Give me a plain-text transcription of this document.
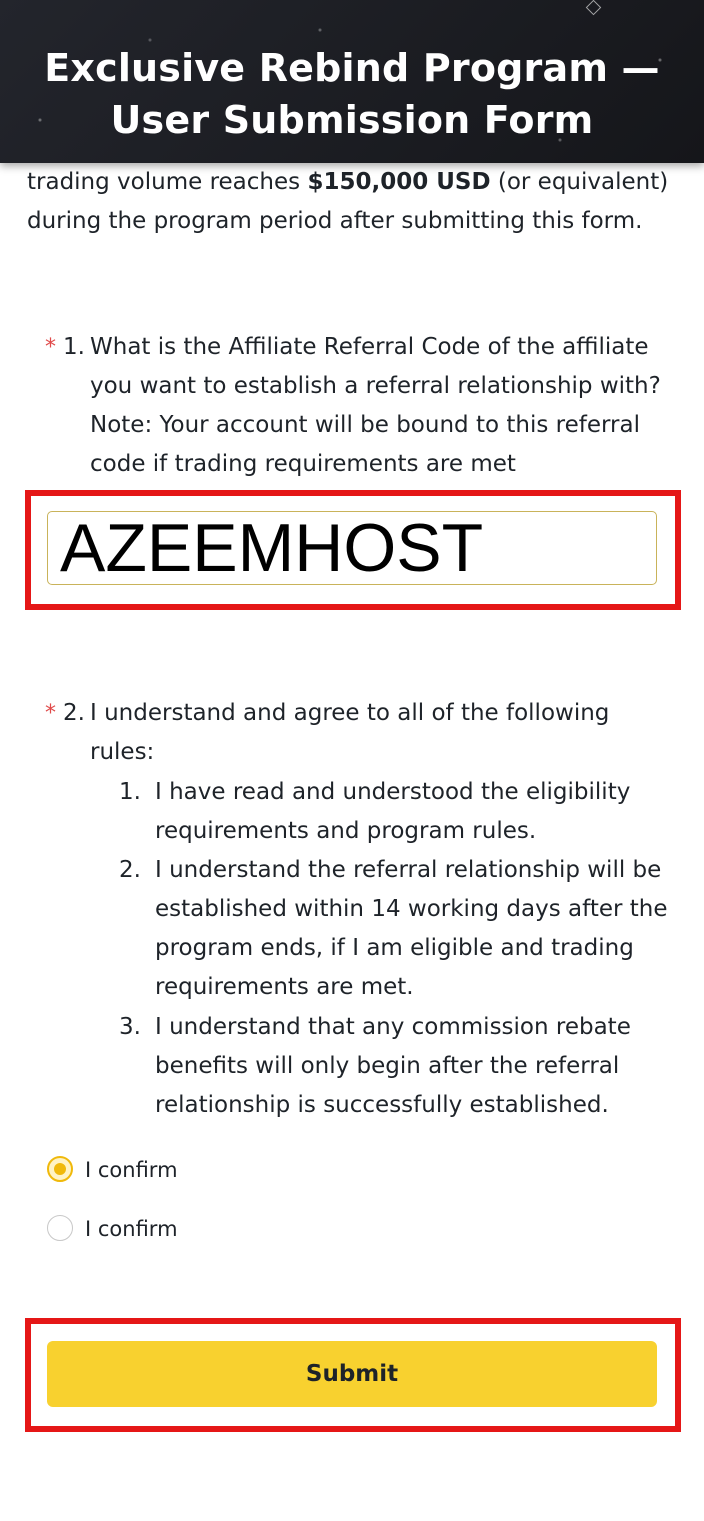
Exclusive Rebind Program —
User Submission Form
trading volume reaches $150,000 USD (or equivalent) during the program period after submitting this form.
* 1. What is the Affiliate Referral Code of the affiliate you want to establish a referral relationship with? Note: Your account will be bound to this referral code if trading requirements are met
AZEEMHOST
* 2. I understand and agree to all of the following rules:
1. I have read and understood the eligibility requirements and program rules.
2. I understand the referral relationship will be established within 14 working days after the program ends, if I am eligible and trading requirements are met.
3. I understand that any commission rebate benefits will only begin after the referral relationship is successfully established.
I confirm
I confirm
Submit
